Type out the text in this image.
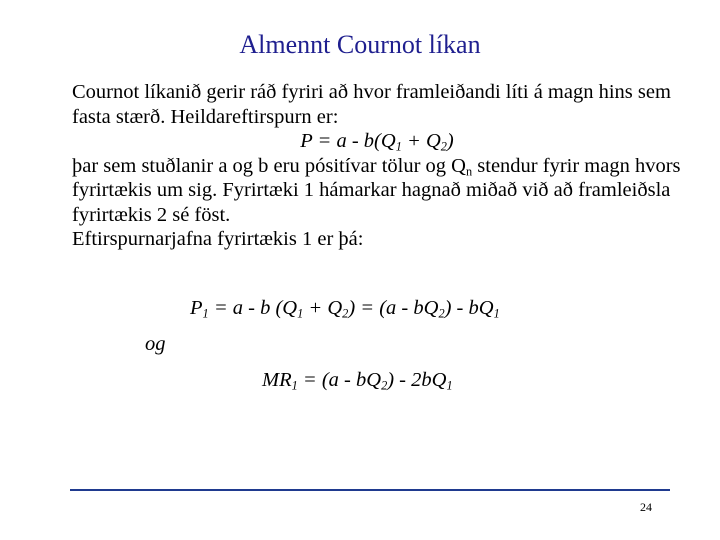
Almennt Cournot líkan

Cournot líkanið gerir ráð fyriri að hvor framleiðandi líti á magn hins sem fasta stærð. Heildareftirspurn er:

$P = a - b(Q_1 + Q_2)$

þar sem stuðlanir a og b eru pósitívar tölur og $Q_n$ stendur fyrir magn hvors fyrirtækis um sig. Fyrirtæki 1 hámarkar hagnað miðað við að framleiðsla fyrirtækis 2 sé föst.

Eftirspurnarjafna fyrirtækis 1 er þá:

$P_1 = a - b$ $(Q_1 + Q_2) = (a - bQ_2) - bQ_1$
og
$MR_1 = (a - bQ_2) - 2bQ_1$
24
